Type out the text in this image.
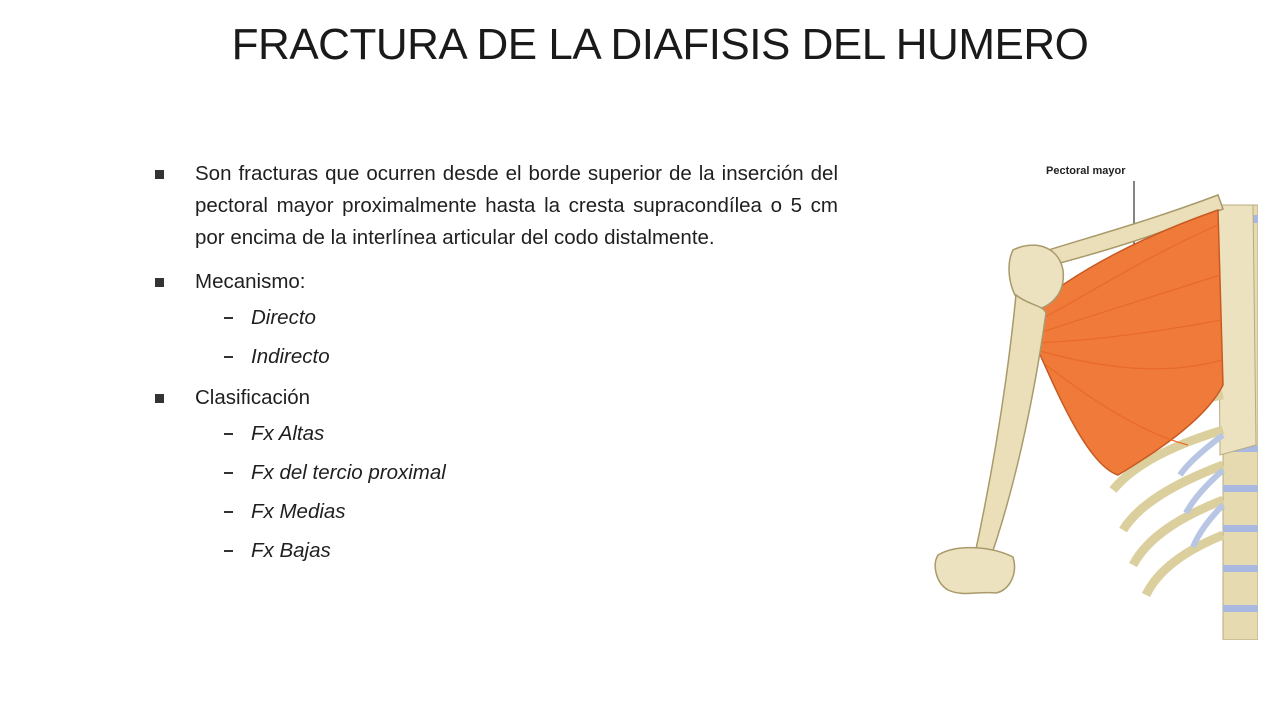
FRACTURA DE LA DIAFISIS DEL HUMERO
Son fracturas que ocurren desde el borde superior de la inserción del pectoral mayor proximalmente hasta la cresta supracondílea o 5 cm por encima de la interlínea articular del codo distalmente.
Mecanismo:
Directo
Indirecto
Clasificación
Fx Altas
Fx del tercio proximal
Fx Medias
Fx Bajas
Pectoral mayor
